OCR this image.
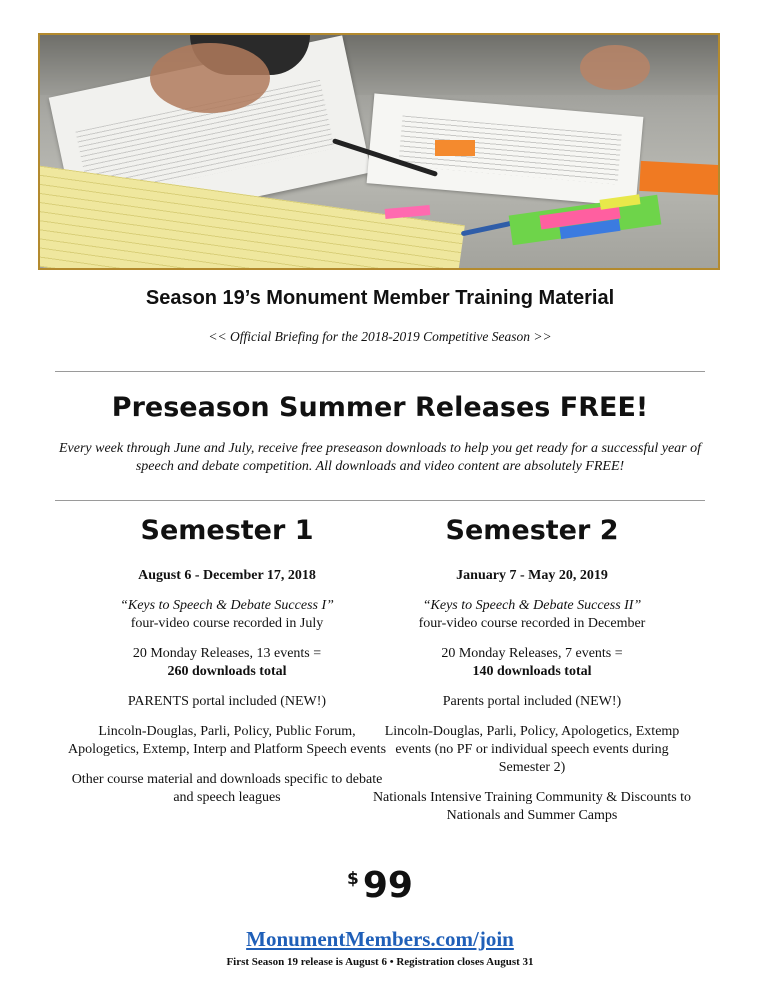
Season 19’s Monument Member Training Material
<< Official Briefing for the 2018-2019 Competitive Season >>
Preseason Summer Releases FREE!
Every week through June and July, receive free preseason downloads to help you get ready for a successful year of speech and debate competition. All downloads and video content are absolutely FREE!
Semester 1
August 6 - December 17, 2018
“Keys to Speech & Debate Success I”
four-video course recorded in July

20 Monday Releases, 13 events =
260 downloads total

PARENTS portal included (NEW!)

Lincoln-Douglas, Parli, Policy, Public Forum, Apologetics, Extemp, Interp and Platform Speech events

Other course material and downloads specific to debate and speech leagues

Semester 2
January 7 - May 20, 2019
“Keys to Speech & Debate Success II”
four-video course recorded in December

20 Monday Releases, 7 events =
140 downloads total

Parents portal included (NEW!)

Lincoln-Douglas, Parli, Policy, Apologetics, Extemp events (no PF or individual speech events during Semester 2)

Nationals Intensive Training Community & Discounts to Nationals and Summer Camps

$ 99
MonumentMembers.com/join
First Season 19 release is August 6 • Registration closes August 31
